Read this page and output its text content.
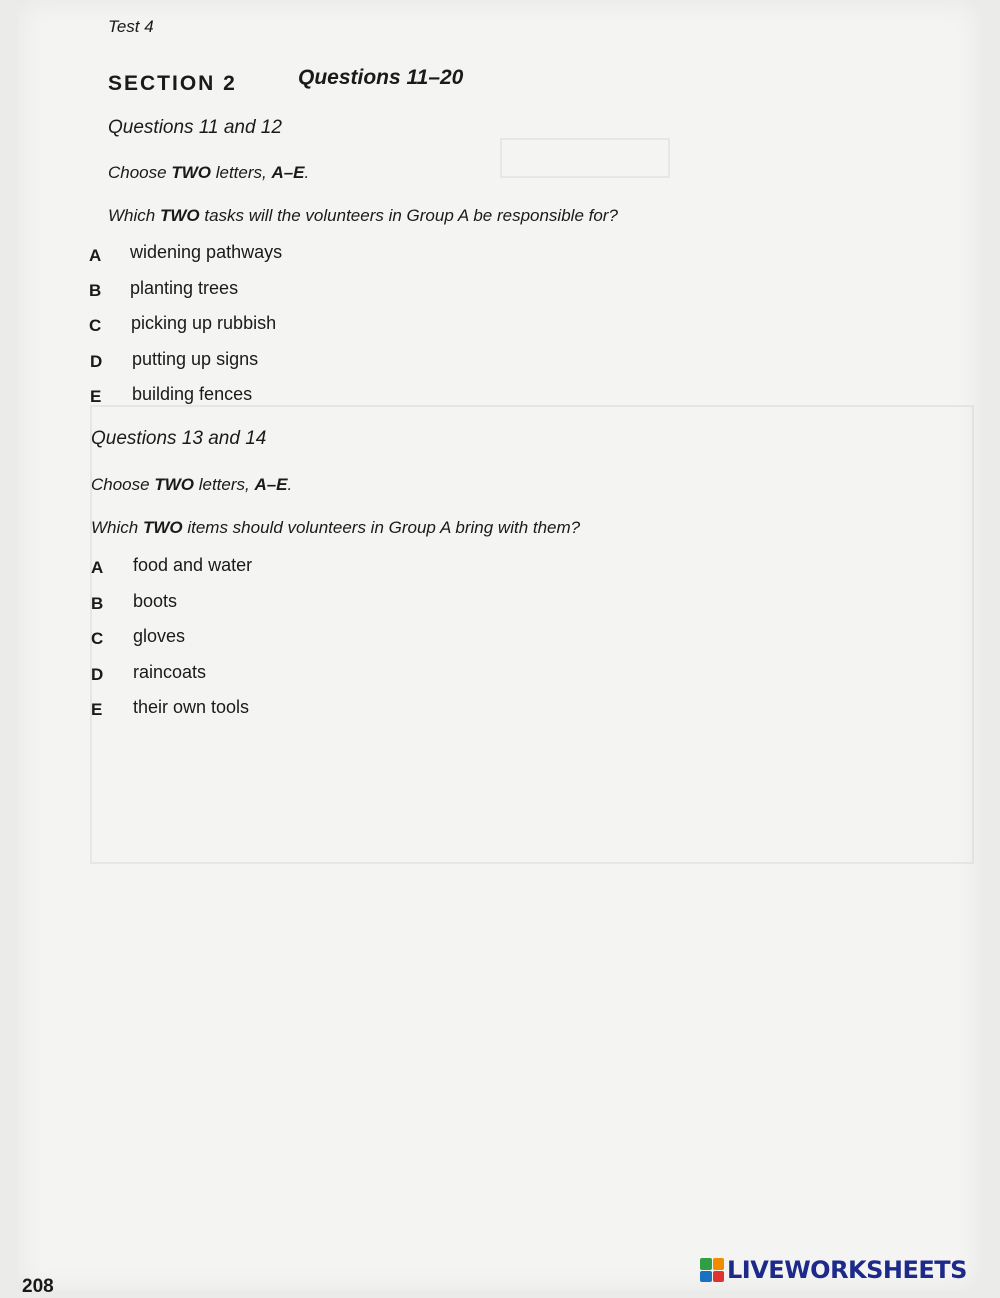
Test 4
SECTION 2	Questions 11–20
Questions 11 and 12
Choose TWO letters, A–E.
Which TWO tasks will the volunteers in Group A be responsible for?
A widening pathways
B planting trees
C picking up rubbish
D putting up signs
E building fences
Questions 13 and 14
Choose TWO letters, A–E.
Which TWO items should volunteers in Group A bring with them?
A food and water
B boots
C gloves
D raincoats
E their own tools
208
LIVEWORKSHEETS
